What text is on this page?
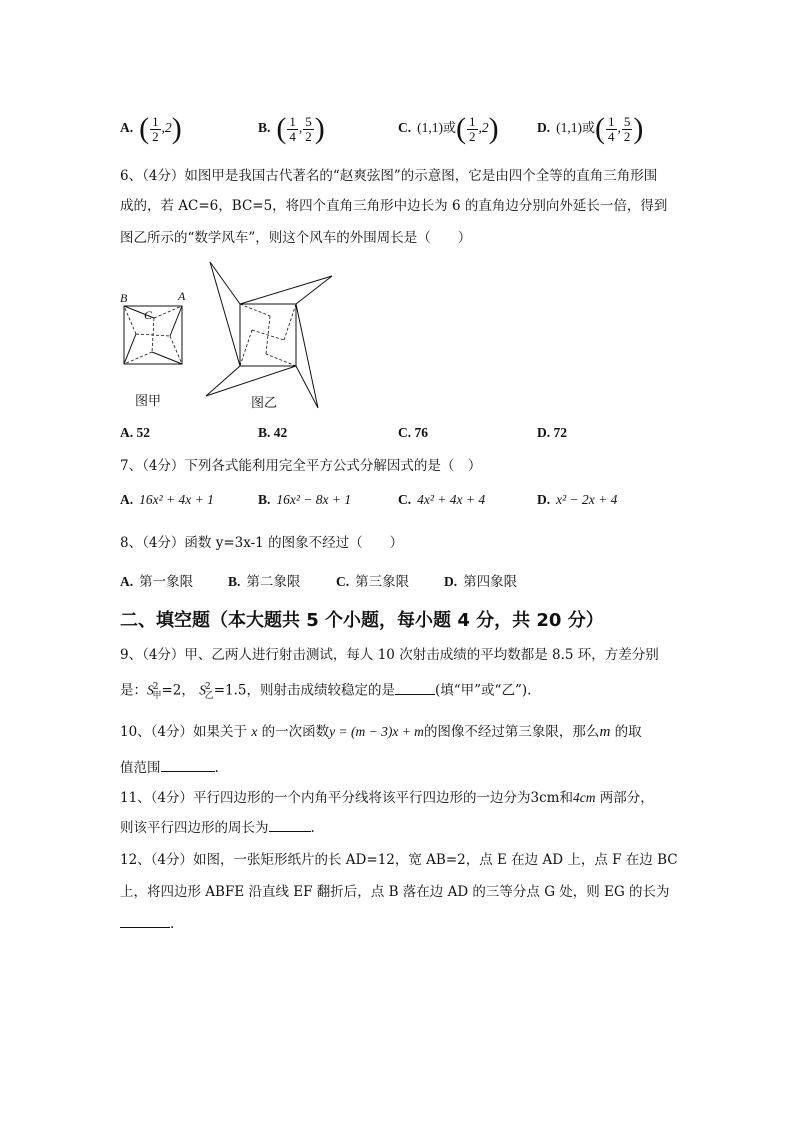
A. ( $\frac{1}{2} ,2$)	B. ( $\frac{1}{4}$ , $\frac{5}{2}$ )	C. (1,1)或( $\frac{1}{2} ,2$)	D. (1,1)或( $\frac{1}{4}$ , $\frac{5}{2}$ )
6、（4分）如图甲是我国古代著名的“赵爽弦图”的示意图，它是由四个全等的直角三角形围
成的，若 AC=6，BC=5，将四个直角三角形中边长为 6 的直角边分别向外延长一倍，得到
图乙所示的“数学风车”，则这个风车的外围周长是（　　）
B	A
C
图甲	图乙
A. 52	B. 42	C. 76	D. 72
7、（4分）下列各式能利用完全平方公式分解因式的是（　）
A. 16x² + 4x + 1	B. 16x² − 8x + 1	C. 4x² + 4x + 4	D. x² − 2x + 4
8、（4分）函数 y=3x-1 的图象不经过（　　）
A. 第一象限	B. 第二象限	C. 第三象限	D. 第四象限
二、填空题（本大题共 5 个小题，每小题 4 分，共 20 分）
9、（4分）甲、乙两人进行射击测试，每人 10 次射击成绩的平均数都是 8.5 环，方差分别
是：$S^2_甲=2$， $S^2_乙=1.5$，则射击成绩较稳定的是	(填“甲”或“乙”).
10、（4分）如果关于 x 的一次函数y = (m − 3)x + m的图像不经过第三象限，那么m 的取
值范围	.
11、（4分）平行四边形的一个内角平分线将该平行四边形的一边分为3cm和4cm 两部分，
则该平行四边形的周长为	.
12、（4分）如图，一张矩形纸片的长 AD=12，宽 AB=2，点 E 在边 AD 上，点 F 在边 BC
上，将四边形 ABFE 沿直线 EF 翻折后，点 B 落在边 AD 的三等分点 G 处，则 EG 的长为
.
